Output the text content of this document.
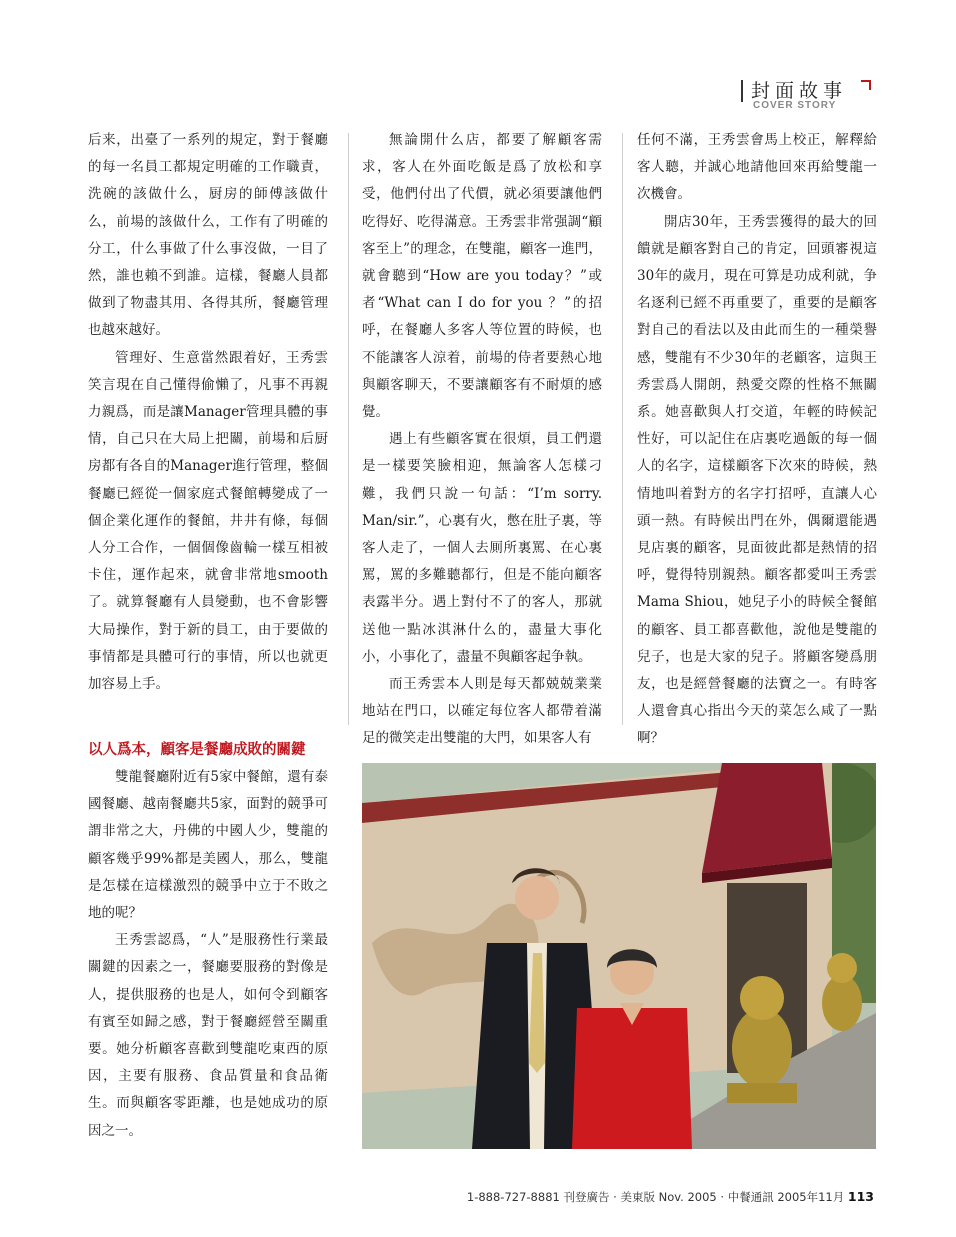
封面故事
COVER STORY

后来，出臺了一系列的規定，對于餐廳的每一名員工都規定明確的工作職責，洗碗的該做什么，厨房的師傅該做什么，前場的該做什么，工作有了明確的分工，什么事做了什么事沒做，一目了然，誰也賴不到誰。這樣，餐廳人員都做到了物盡其用、各得其所，餐廳管理也越來越好。

管理好、生意當然跟着好，王秀雲笑言現在自己懂得偷懶了，凡事不再親力親爲，而是讓Manager管理具體的事情，自己只在大局上把關，前場和后厨房都有各自的Manager進行管理，整個餐廳已經從一個家庭式餐館轉變成了一個企業化運作的餐館，井井有條，每個人分工合作，一個個像齒輪一樣互相被卡住，運作起來，就會非常地smooth了。就算餐廳有人員變動，也不會影響大局操作，對于新的員工，由于要做的事情都是具體可行的事情，所以也就更加容易上手。

以人爲本，顧客是餐廳成敗的關鍵

雙龍餐廳附近有5家中餐館，還有泰國餐廳、越南餐廳共5家，面對的競爭可謂非常之大，丹佛的中國人少，雙龍的顧客幾乎99%都是美國人，那么，雙龍是怎樣在這樣激烈的競爭中立于不敗之地的呢？

王秀雲認爲，“人”是服務性行業最關鍵的因素之一，餐廳要服務的對像是人，提供服務的也是人，如何令到顧客有賓至如歸之感，對于餐廳經營至關重要。她分析顧客喜歡到雙龍吃東西的原因，主要有服務、食品質量和食品衛生。而與顧客零距離，也是她成功的原因之一。

無論開什么店，都要了解顧客需求，客人在外面吃飯是爲了放松和享受，他們付出了代價，就必須要讓他們吃得好、吃得滿意。王秀雲非常强調“顧客至上”的理念，在雙龍，顧客一進門，就會聽到“How are you today？”或者“What can I do for you ？”的招呼，在餐廳人多客人等位置的時候，也不能讓客人涼着，前場的侍者要熱心地與顧客聊天，不要讓顧客有不耐煩的感覺。

遇上有些顧客實在很煩，員工們還是一樣要笑臉相迎，無論客人怎樣刁難，我們只說一句話：“I’m sorry. Man/sir.”，心裏有火，憋在肚子裏，等客人走了，一個人去厠所裏罵、在心裏罵，罵的多難聽都行，但是不能向顧客表露半分。遇上對付不了的客人，那就送他一點冰淇淋什么的，盡量大事化小，小事化了，盡量不與顧客起争執。

而王秀雲本人則是每天都兢兢業業地站在門口，以確定每位客人都帶着滿足的微笑走出雙龍的大門，如果客人有

任何不滿，王秀雲會馬上校正，解釋給客人聽，并誠心地請他回來再給雙龍一次機會。

開店30年，王秀雲獲得的最大的回饋就是顧客對自己的肯定，回頭審視這30年的歲月，現在可算是功成利就，争名逐利已經不再重要了，重要的是顧客對自己的看法以及由此而生的一種榮譽感，雙龍有不少30年的老顧客，這與王秀雲爲人開朗，熱愛交際的性格不無關系。她喜歡與人打交道，年輕的時候記性好，可以記住在店裏吃過飯的每一個人的名字，這樣顧客下次來的時候，熱情地叫着對方的名字打招呼，直讓人心頭一熱。有時候出門在外，偶爾還能遇見店裏的顧客，見面彼此都是熱情的招呼，覺得特別親熱。顧客都愛叫王秀雲Mama Shiou，她兒子小的時候全餐館的顧客、員工都喜歡他，說他是雙龍的兒子，也是大家的兒子。將顧客變爲朋友，也是經營餐廳的法寶之一。有時客人還會真心指出今天的菜怎么咸了一點啊？

1-888-727-8881 刊登廣告 · 美東版 Nov. 2005 · 中餐通訊 2005年11月 113
